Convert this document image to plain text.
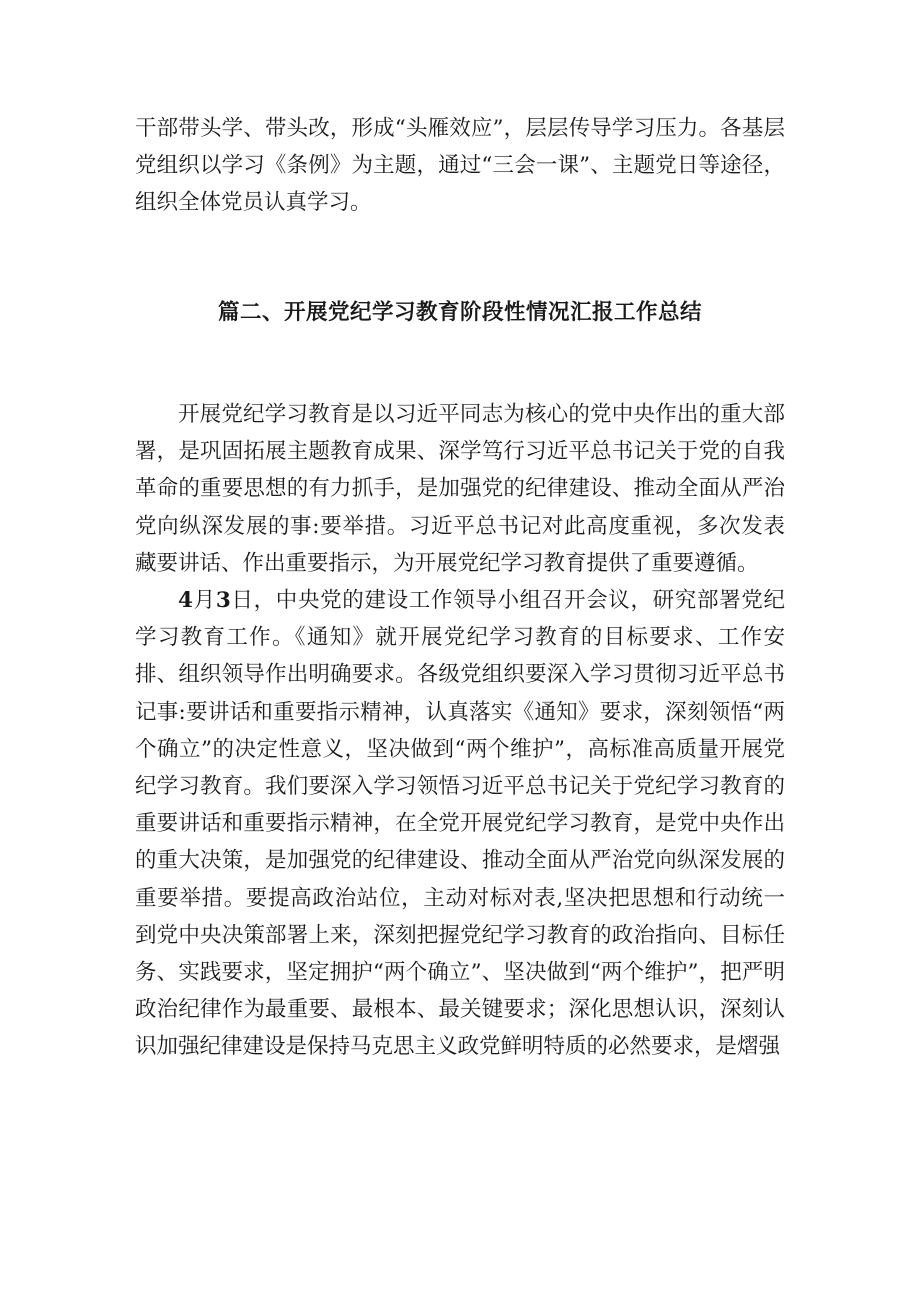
干部带头学、带头改，形成“头雁效应”，层层传导学习压力。各基层党组织以学习《条例》为主题，通过“三会一课”、主题党日等途径，组织全体党员认真学习。

篇二、开展党纪学习教育阶段性情况汇报工作总结

开展党纪学习教育是以习近平同志为核心的党中央作出的重大部署，是巩固拓展主题教育成果、深学笃行习近平总书记关于党的自我革命的重要思想的有力抓手，是加强党的纪律建设、推动全面从严治党向纵深发展的事:要举措。习近平总书记对此高度重视，多次发表藏要讲话、作出重要指示，为开展党纪学习教育提供了重要遵循。

4月3日，中央党的建设工作领导小组召开会议，研究部署党纪学习教育工作。《通知》就开展党纪学习教育的目标要求、工作安排、组织领导作出明确要求。各级党组织要深入学习贯彻习近平总书记事:要讲话和重要指示精神，认真落实《通知》要求，深刻领悟“两个确立”的决定性意义，坚决做到“两个维护”，高标准高质量开展党纪学习教育。我们要深入学习领悟习近平总书记关于党纪学习教育的重要讲话和重要指示精神，在全党开展党纪学习教育，是党中央作出的重大决策，是加强党的纪律建设、推动全面从严治党向纵深发展的重要举措。要提高政治站位，主动对标对表,坚决把思想和行动统一到党中央决策部署上来，深刻把握党纪学习教育的政治指向、目标任务、实践要求，坚定拥护“两个确立”、坚决做到“两个维护”，把严明政治纪律作为最重要、最根本、最关键要求；深化思想认识，深刻认识加强纪律建设是保持马克思主义政党鲜明特质的必然要求，是熠强
